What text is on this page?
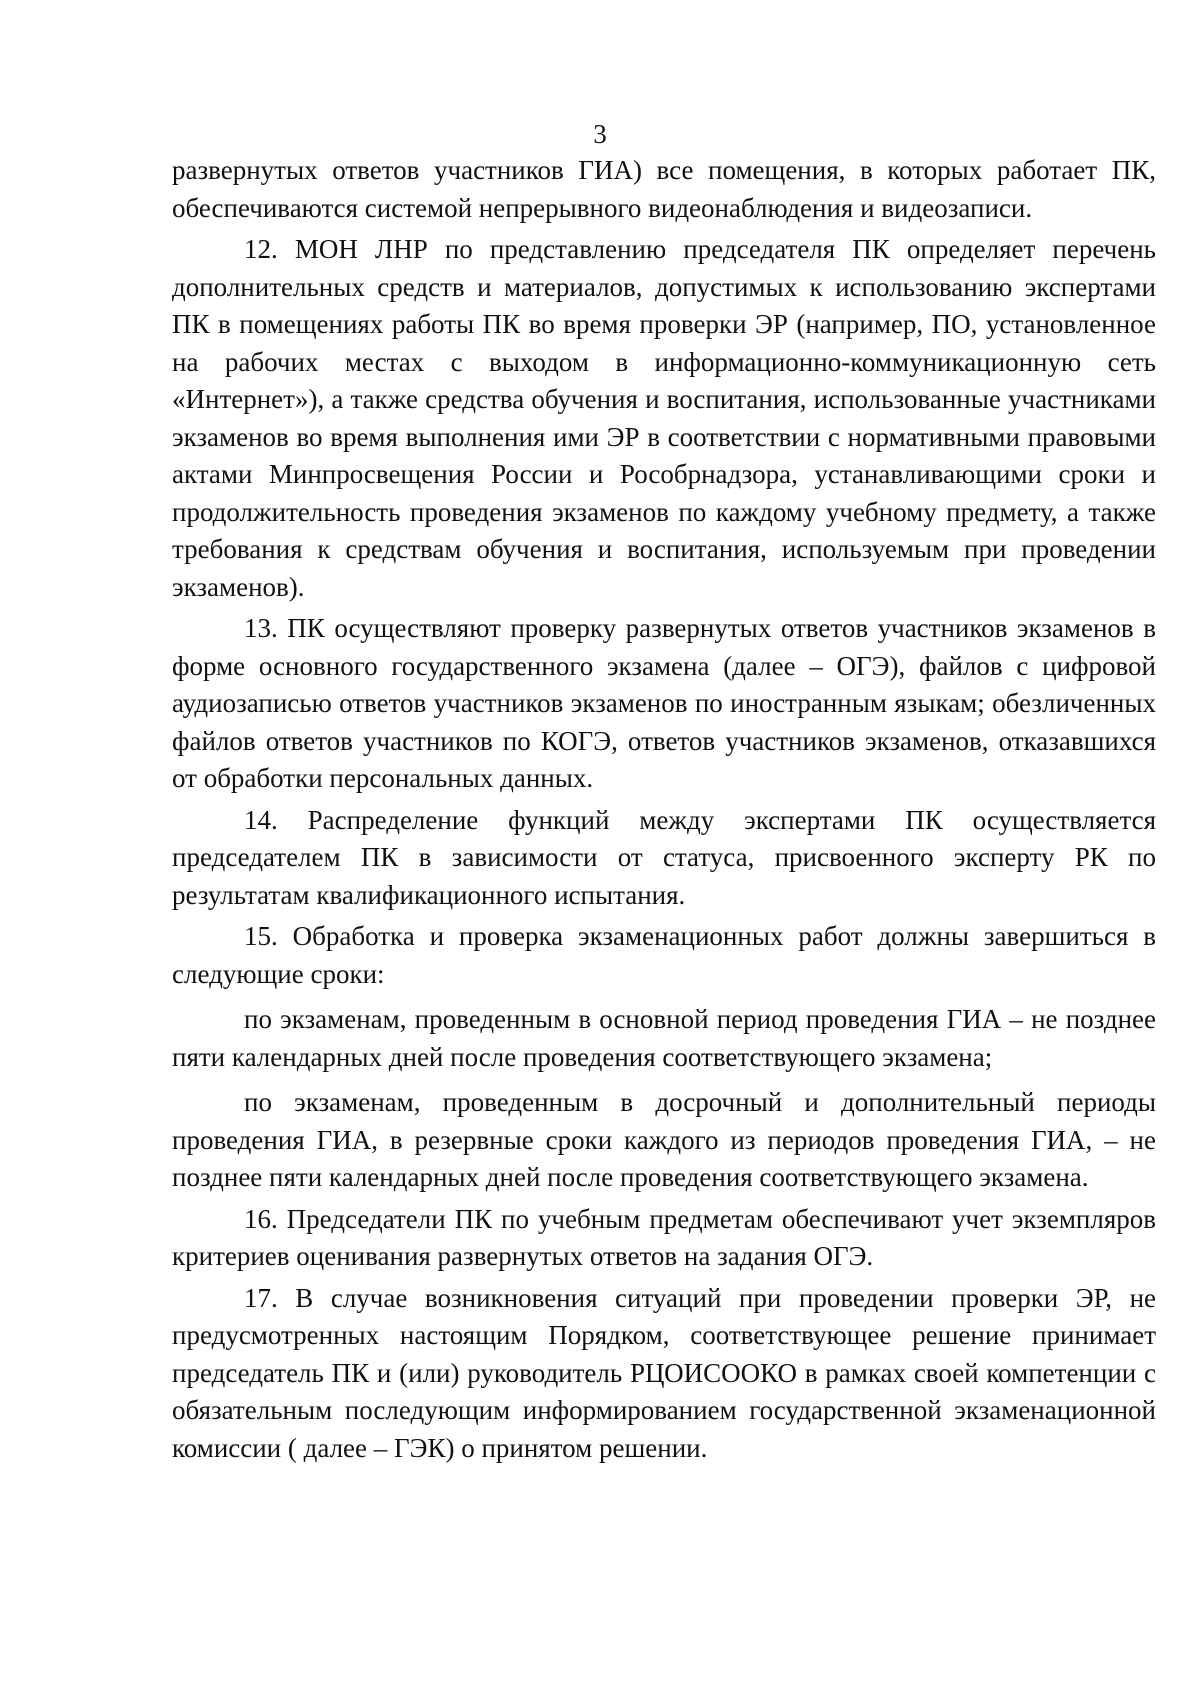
3

развернутых ответов участников ГИА) все помещения, в которых работает ПК, обеспечиваются системой непрерывного видеонаблюдения и видеозаписи.

12. МОН ЛНР по представлению председателя ПК определяет перечень дополнительных средств и материалов, допустимых к использованию экспертами ПК в помещениях работы ПК во время проверки ЭР (например, ПО, установленное на рабочих местах с выходом в информационно-коммуникационную сеть «Интернет»), а также средства обучения и воспитания, использованные участниками экзаменов во время выполнения ими ЭР в соответствии с нормативными правовыми актами Минпросвещения России и Рособрнадзора, устанавливающими сроки и продолжительность проведения экзаменов по каждому учебному предмету, а также требования к средствам обучения и воспитания, используемым при проведении экзаменов).

13. ПК осуществляют проверку развернутых ответов участников экзаменов в форме основного государственного экзамена (далее – ОГЭ), файлов с цифровой аудиозаписью ответов участников экзаменов по иностранным языкам; обезличенных файлов ответов участников по КОГЭ, ответов участников экзаменов, отказавшихся от обработки персональных данных.

14. Распределение функций между экспертами ПК осуществляется председателем ПК в зависимости от статуса, присвоенного эксперту РК по результатам квалификационного испытания.

15. Обработка и проверка экзаменационных работ должны завершиться в следующие сроки:

по экзаменам, проведенным в основной период проведения ГИА – не позднее пяти календарных дней после проведения соответствующего экзамена;

по экзаменам, проведенным в досрочный и дополнительный периоды проведения ГИА, в резервные сроки каждого из периодов проведения ГИА, – не позднее пяти календарных дней после проведения соответствующего экзамена.

16. Председатели ПК по учебным предметам обеспечивают учет экземпляров критериев оценивания развернутых ответов на задания ОГЭ.

17. В случае возникновения ситуаций при проведении проверки ЭР, не предусмотренных настоящим Порядком, соответствующее решение принимает председатель ПК и (или) руководитель РЦОИСООКО в рамках своей компетенции с обязательным последующим информированием государственной экзаменационной комиссии ( далее – ГЭК) о принятом решении.
